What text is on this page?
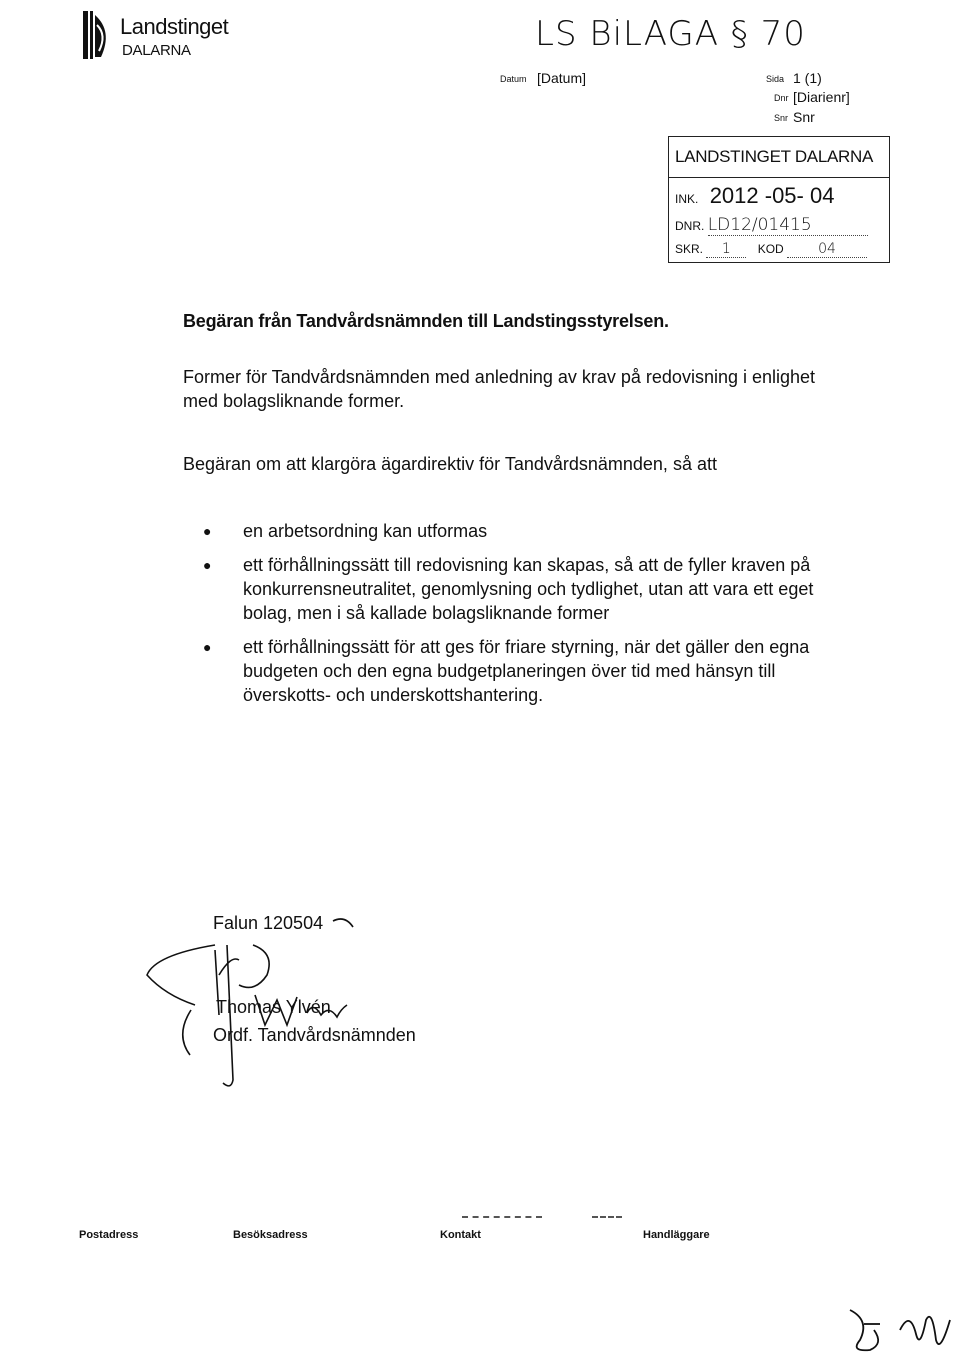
Landstinget
DALARNA	LS BiLAGA § 70
Datum [Datum]	Sida 1 (1)
Dnr [Diarienr]
Snr Snr
LANDSTINGET DALARNA
INK. 2012 -05- 04
DNR. LD12/01415
SKR. 1 KOD 04
Begäran från Tandvårdsnämnden till Landstingsstyrelsen.
Former för Tandvårdsnämnden med anledning av krav på redovisning i enlighet med bolagsliknande former.
Begäran om att klargöra ägardirektiv för Tandvårdsnämnden, så att
● en arbetsordning kan utformas
● ett förhållningssätt till redovisning kan skapas, så att de fyller kraven på konkurrensneutralitet, genomlysning och tydlighet, utan att vara ett eget bolag, men i så kallade bolagsliknande former
● ett förhållningssätt för att ges för friare styrning, när det gäller den egna budgeten och den egna budgetplaneringen över tid med hänsyn till överskotts- och underskottshantering.
Falun 120504
Thomas Ylvén
Ordf. Tandvårdsnämnden
Postadress	Besöksadress	Kontakt	Handläggare
